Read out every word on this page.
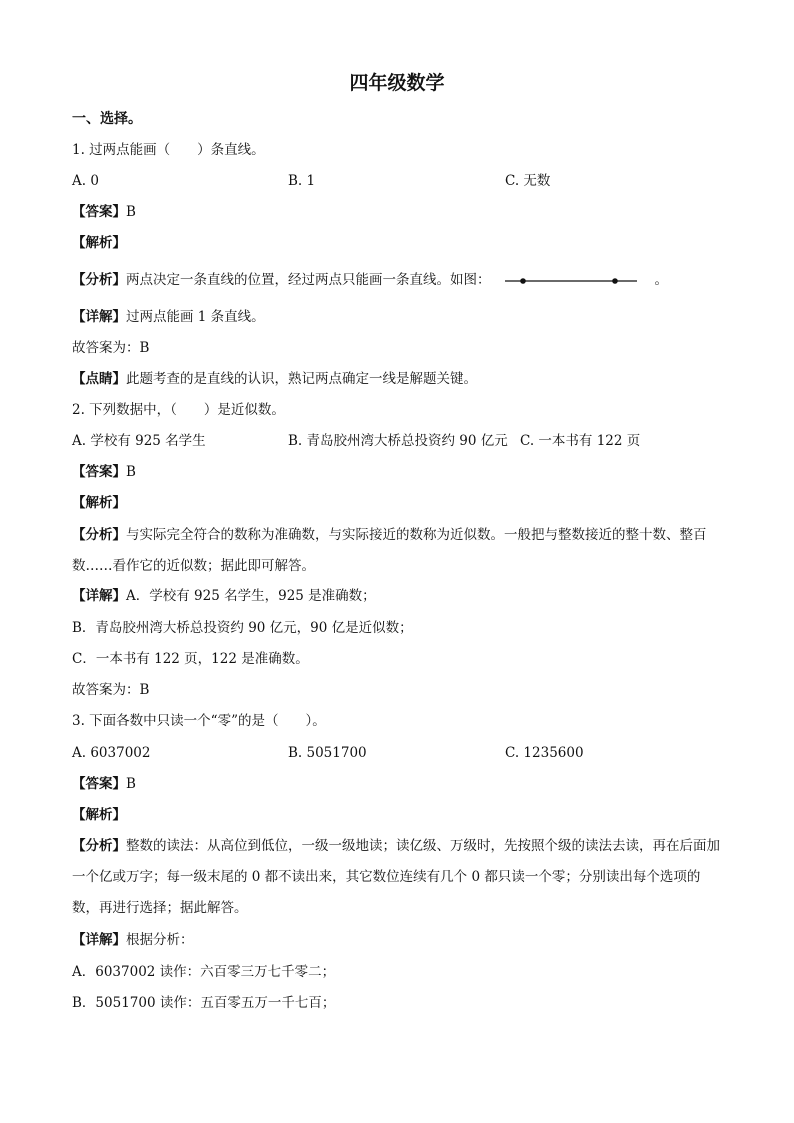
四年级数学
一、选择。
1. 过两点能画（　　）条直线。
A. 0	B. 1	C. 无数
【答案】B
【解析】
【分析】两点决定一条直线的位置，经过两点只能画一条直线。如图：	。
【详解】过两点能画 1 条直线。
故答案为：B
【点睛】此题考查的是直线的认识，熟记两点确定一线是解题关键。
2. 下列数据中，（　　）是近似数。
A. 学校有 925 名学生	B. 青岛胶州湾大桥总投资约 90 亿元 C. 一本书有 122 页
【答案】B
【解析】
【分析】与实际完全符合的数称为准确数，与实际接近的数称为近似数。一般把与整数接近的整十数、整百数……看作它的近似数；据此即可解答。
【详解】A．学校有 925 名学生，925 是准确数；
B．青岛胶州湾大桥总投资约 90 亿元，90 亿是近似数；
C．一本书有 122 页，122 是准确数。
故答案为：B
3. 下面各数中只读一个“零”的是（　　）。
A. 6037002	B. 5051700	C. 1235600
【答案】B
【解析】
【分析】整数的读法：从高位到低位，一级一级地读；读亿级、万级时，先按照个级的读法去读，再在后面加一个亿或万字；每一级末尾的 0 都不读出来，其它数位连续有几个 0 都只读一个零；分别读出每个选项的数，再进行选择；据此解答。
【详解】根据分析：
A．6037002 读作：六百零三万七千零二；
B．5051700 读作：五百零五万一千七百；
